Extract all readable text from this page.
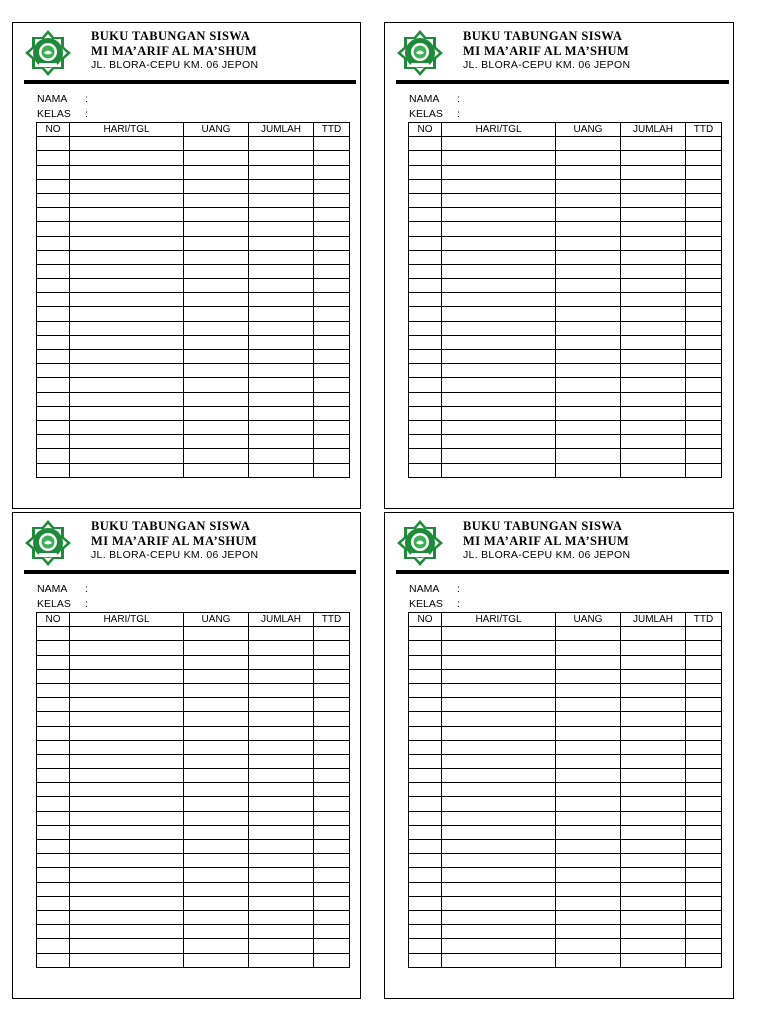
BUKU TABUNGAN SISWA
MI MA’ARIF AL MA’SHUM
JL. BLORA-CEPU KM. 06 JEPON
NAMA :
KELAS :
NO	HARI/TGL	UANG	JUMLAH	TTD

BUKU TABUNGAN SISWA
MI MA’ARIF AL MA’SHUM
JL. BLORA-CEPU KM. 06 JEPON
NAMA :
KELAS :
NO	HARI/TGL	UANG	JUMLAH	TTD

BUKU TABUNGAN SISWA
MI MA’ARIF AL MA’SHUM
JL. BLORA-CEPU KM. 06 JEPON
NAMA :
KELAS :
NO	HARI/TGL	UANG	JUMLAH	TTD

BUKU TABUNGAN SISWA
MI MA’ARIF AL MA’SHUM
JL. BLORA-CEPU KM. 06 JEPON
NAMA :
KELAS :
NO	HARI/TGL	UANG	JUMLAH	TTD
